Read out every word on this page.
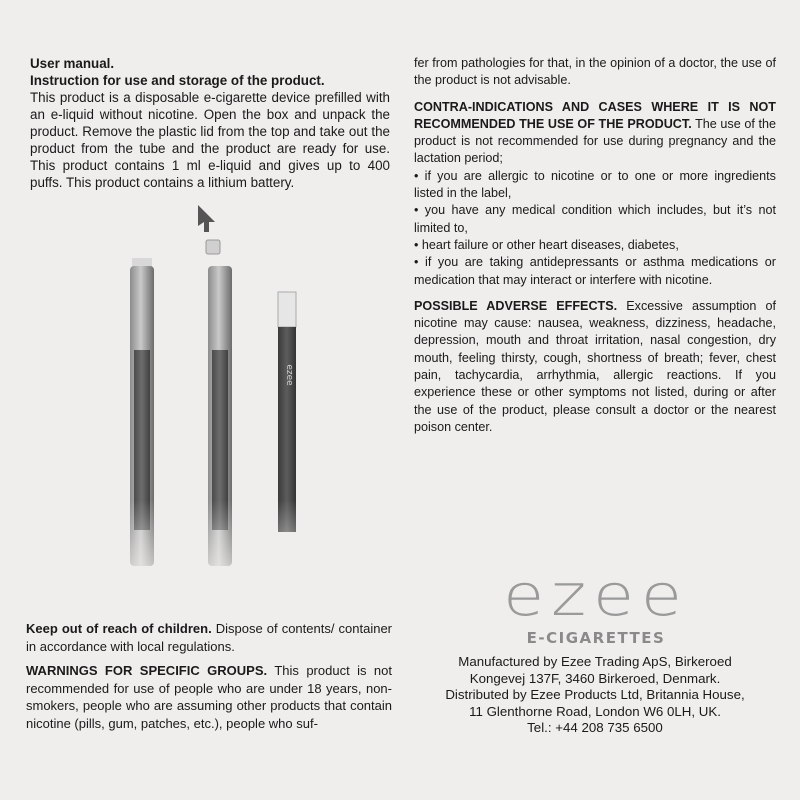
User manual.

Instruction for use and storage of the product.

This product is a disposable e-cigarette device prefilled with an e-liquid without nicotine. Open the box and unpack the product. Remove the plastic lid from the top and take out the product from the tube and the product are ready for use. This product contains 1 ml e-liquid and gives up to 400 puffs. This product contains a lithium battery.

ezee

fer from pathologies for that, in the opinion of a doctor, the use of the product is not advisable.

CONTRA-INDICATIONS AND CASES WHERE IT IS NOT RECOMMENDED THE USE OF THE PRODUCT. The use of the product is not recommended for use during pregnancy and the lactation period;

• if you are allergic to nicotine or to one or more ingredients listed in the label,
• you have any medical condition which includes, but it’s not limited to,
• heart failure or other heart diseases, diabetes,
• if you are taking antidepressants or asthma medications or medication that may interact or interfere with nicotine.

POSSIBLE ADVERSE EFFECTS. Excessive assumption of nicotine may cause: nausea, weakness, dizziness, headache, depression, mouth and throat irritation, nasal congestion, dry mouth, feeling thirsty, cough, shortness of breath; fever, chest pain, tachycardia, arrhythmia, allergic reactions. If you experience these or other symptoms not listed, during or after the use of the product, please consult a doctor or the nearest poison center.

Keep out of reach of children. Dispose of contents/ container in accordance with local regulations.

WARNINGS FOR SPECIFIC GROUPS. This product is not recommended for use of people who are under 18 years, non-smokers, people who are assuming other products that contain nicotine (pills, gum, patches, etc.), people who suf-

ezee
E-CIGARETTES
Manufactured by Ezee Trading ApS, Birkeroed
Kongevej 137F, 3460 Birkeroed, Denmark.
Distributed by Ezee Products Ltd, Britannia House,
11 Glenthorne Road, London W6 0LH, UK.
Tel.: +44 208 735 6500
